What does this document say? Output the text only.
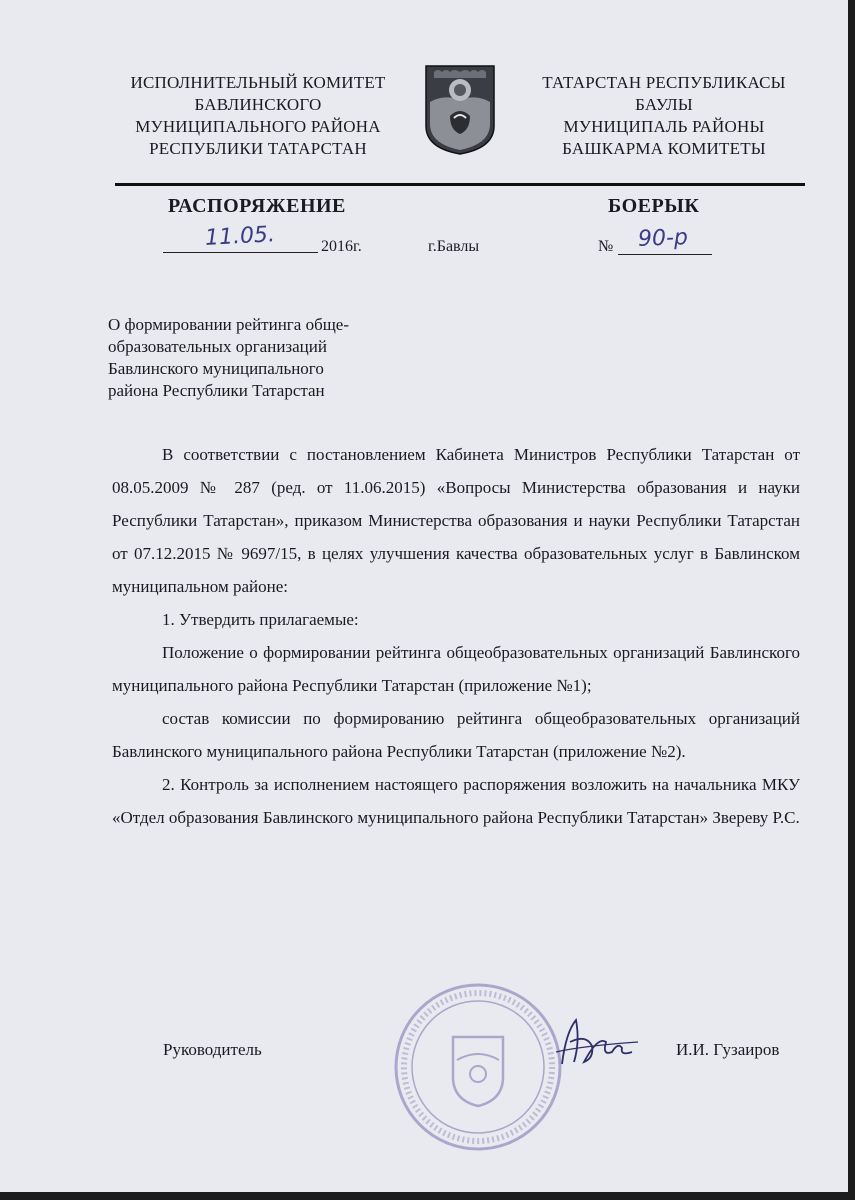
ИСПОЛНИТЕЛЬНЫЙ КОМИТЕТ
БАВЛИНСКОГО
МУНИЦИПАЛЬНОГО РАЙОНА
РЕСПУБЛИКИ ТАТАРСТАН
ТАТАРСТАН РЕСПУБЛИКАСЫ
БАУЛЫ
МУНИЦИПАЛЬ РАЙОНЫ
БАШКАРМА КОМИТЕТЫ
РАСПОРЯЖЕНИЕ	БОЕРЫК
11.05.	2016г.	г.Бавлы	№ 90-р
О формировании рейтинга обще-
образовательных организаций
Бавлинского муниципального
района Республики Татарстан

В соответствии с постановлением Кабинета Министров Республики Татарстан от 08.05.2009 № 287 (ред. от 11.06.2015) «Вопросы Министерства образования и науки Республики Татарстан», приказом Министерства образования и науки Республики Татарстан от 07.12.2015 № 9697/15, в целях улучшения качества образовательных услуг в Бавлинском муниципальном районе:

1. Утвердить прилагаемые:

Положение о формировании рейтинга общеобразовательных организаций Бавлинского муниципального района Республики Татарстан (приложение №1);

состав комиссии по формированию рейтинга общеобразовательных организаций Бавлинского муниципального района Республики Татарстан (приложение №2).

2. Контроль за исполнением настоящего распоряжения возложить на начальника МКУ «Отдел образования Бавлинского муниципального района Республики Татарстан» Звереву Р.С.

Руководитель	И.И. Гузаиров
